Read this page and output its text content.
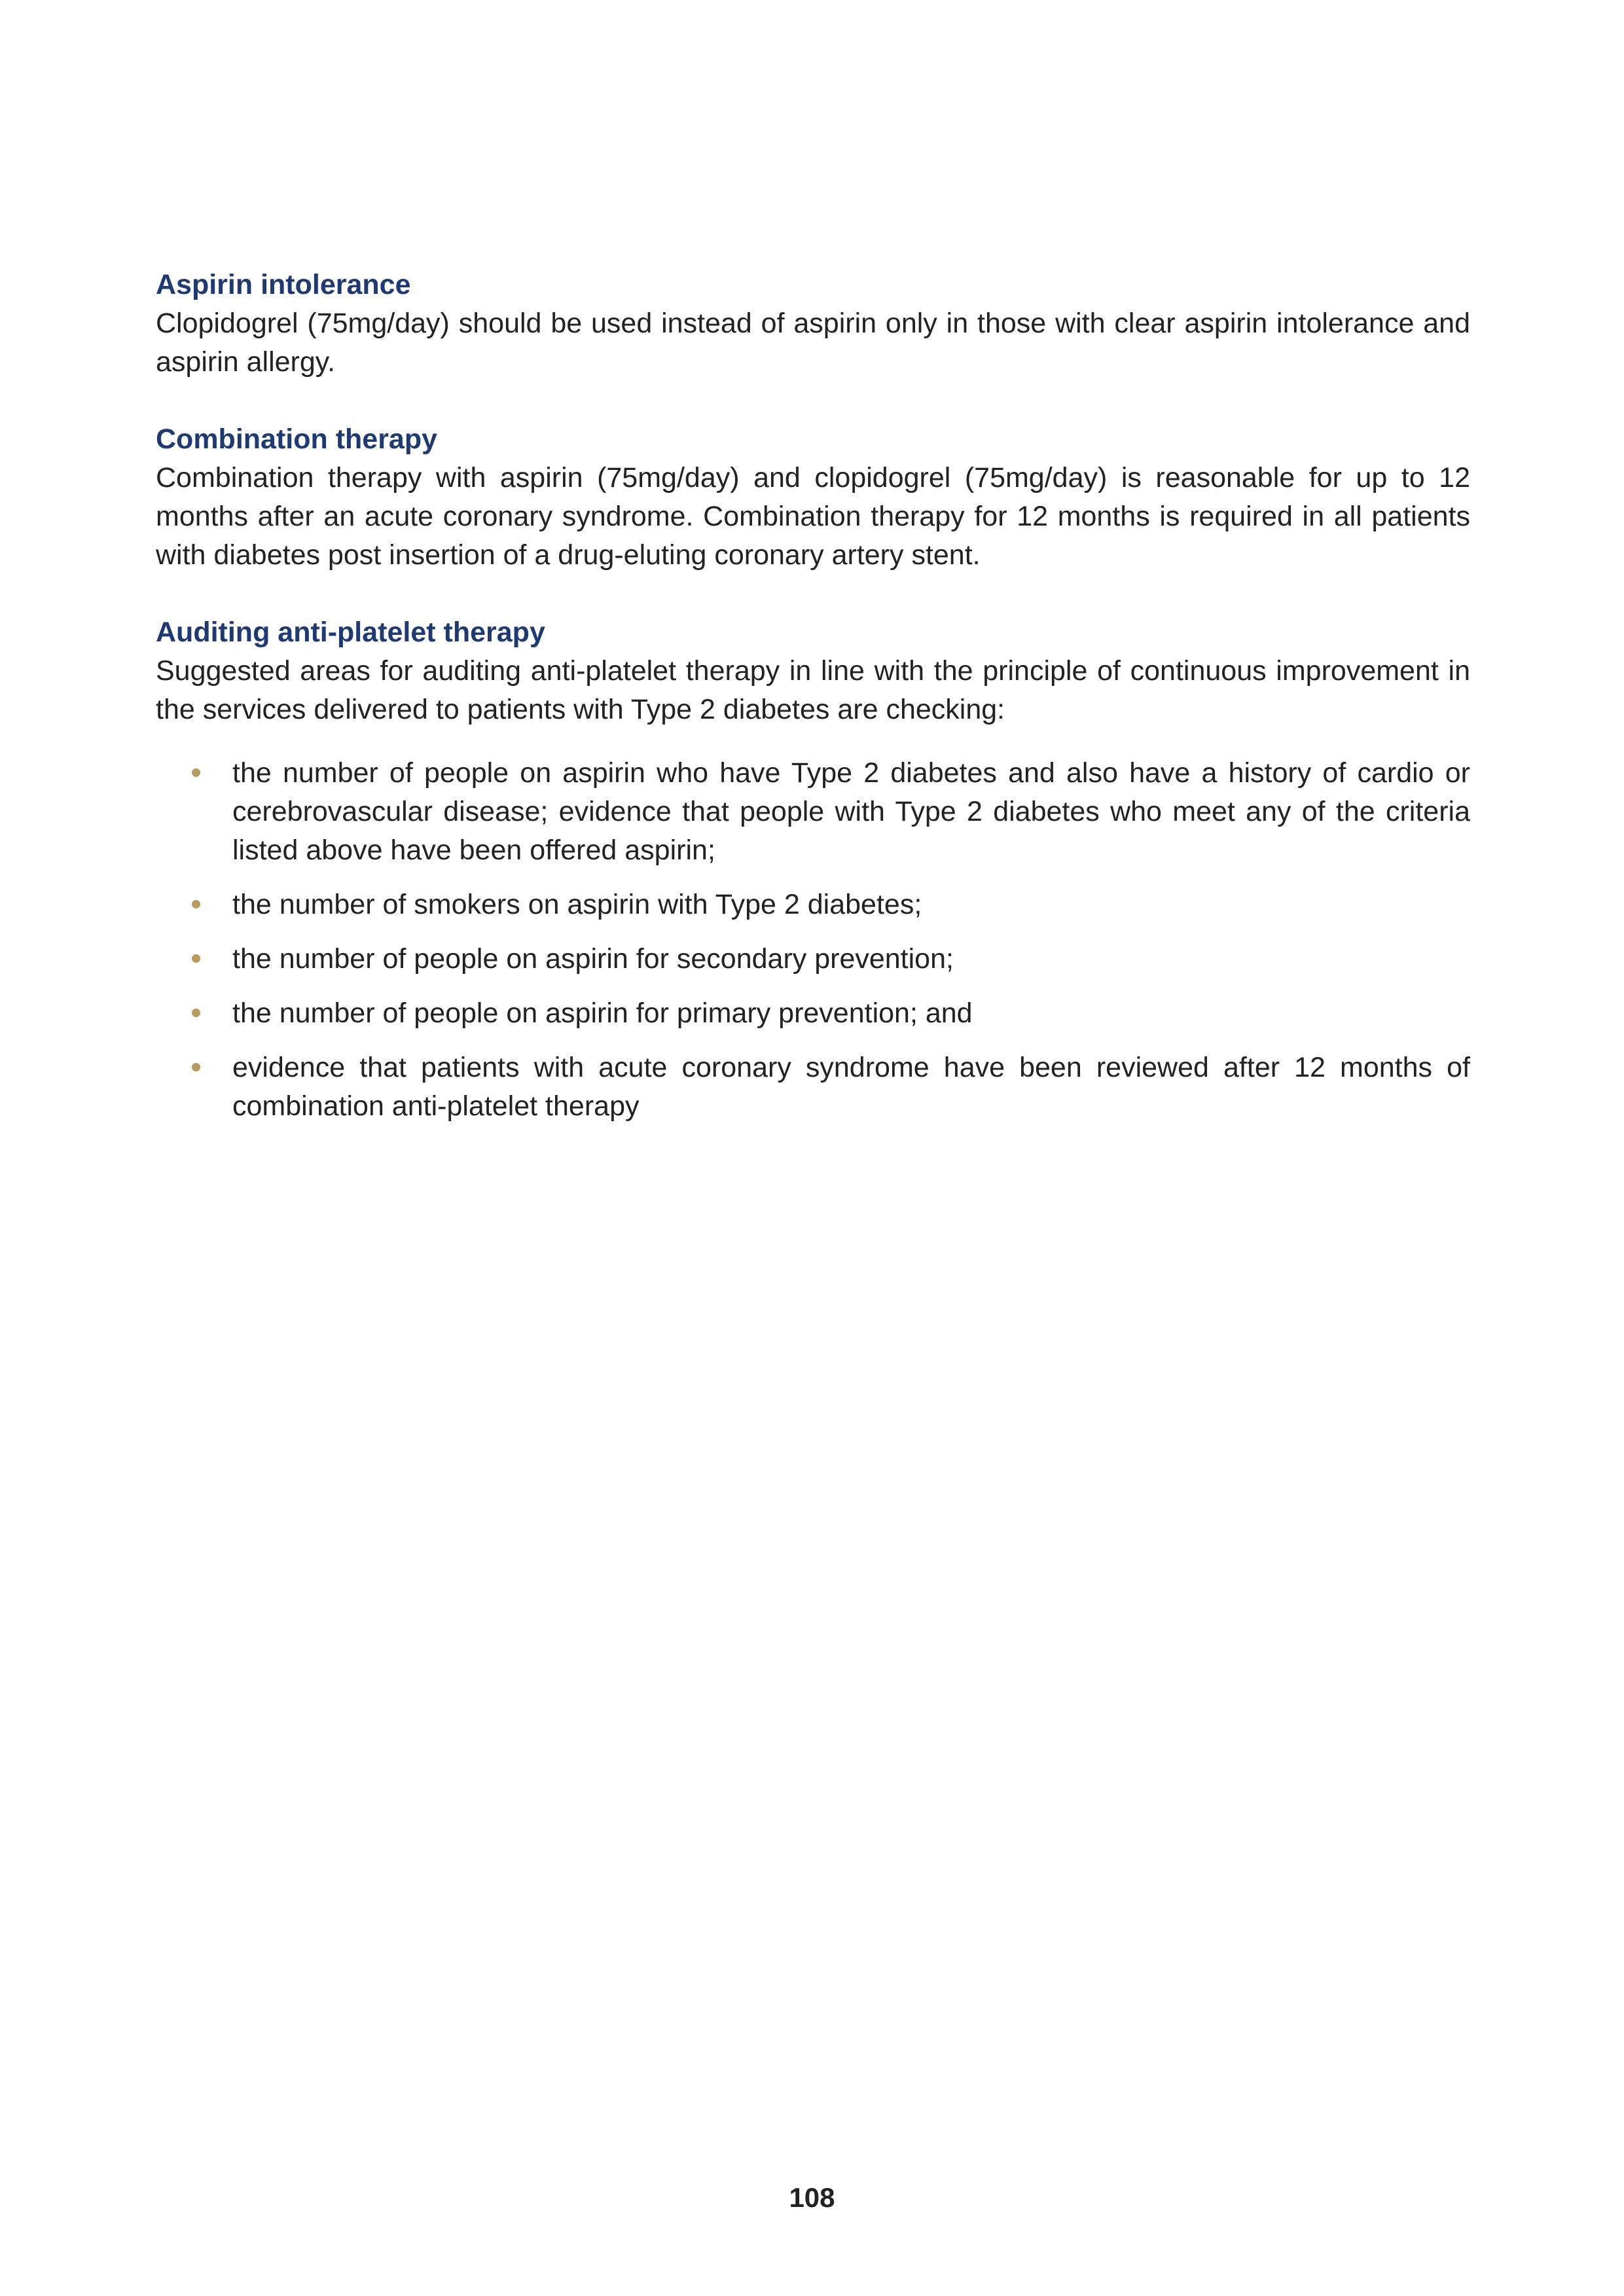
Aspirin intolerance

Clopidogrel (75mg/day) should be used instead of aspirin only in those with clear aspirin intolerance and aspirin allergy.

Combination therapy

Combination therapy with aspirin (75mg/day) and clopidogrel (75mg/day) is reasonable for up to 12 months after an acute coronary syndrome. Combination therapy for 12 months is required in all patients with diabetes post insertion of a drug-eluting coronary artery stent.

Auditing anti-platelet therapy

Suggested areas for auditing anti-platelet therapy in line with the principle of continuous improvement in the services delivered to patients with Type 2 diabetes are checking:

the number of people on aspirin who have Type 2 diabetes and also have a history of cardio or cerebrovascular disease; evidence that people with Type 2 diabetes who meet any of the criteria listed above have been offered aspirin;
the number of smokers on aspirin with Type 2 diabetes;
the number of people on aspirin for secondary prevention;
the number of people on aspirin for primary prevention; and
evidence that patients with acute coronary syndrome have been reviewed after 12 months of combination anti-platelet therapy
108
